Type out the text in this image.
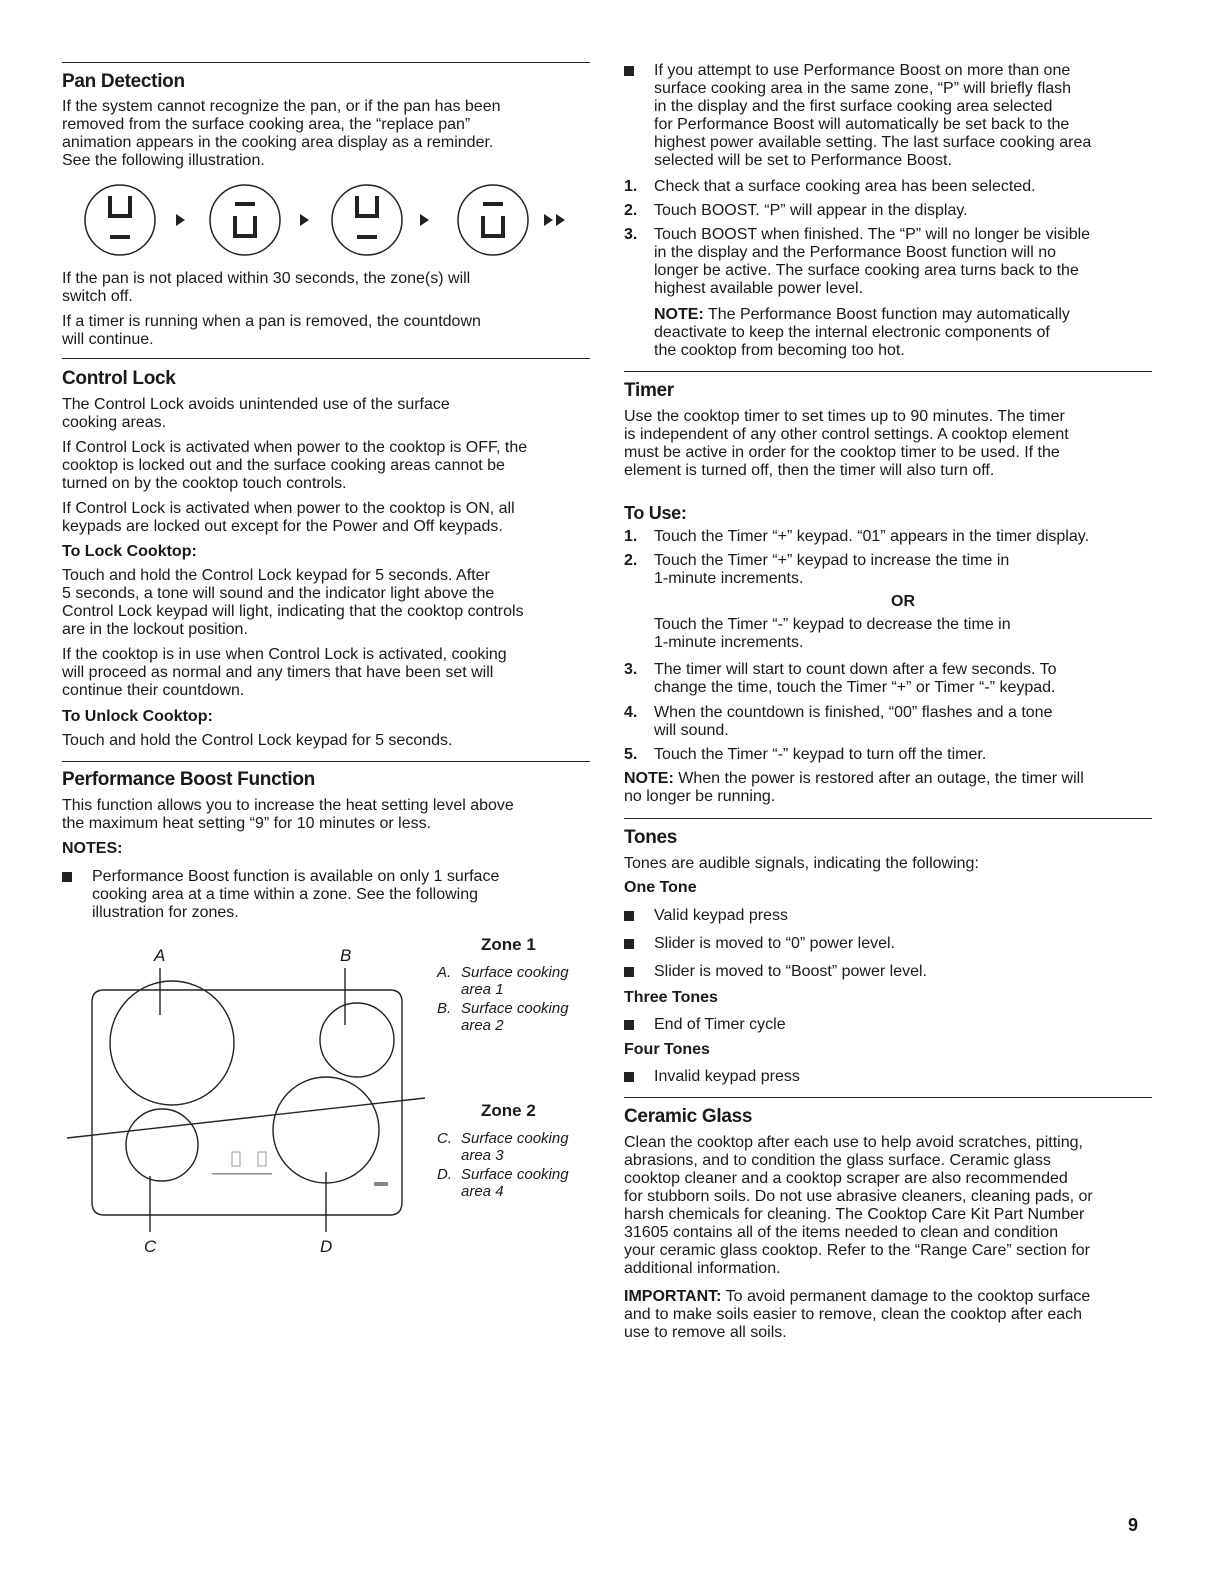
Pan Detection

If the system cannot recognize the pan, or if the pan has been

removed from the surface cooking area, the “replace pan”

animation appears in the cooking area display as a reminder.

See the following illustration.

If the pan is not placed within 30 seconds, the zone(s) will

switch off.

If a timer is running when a pan is removed, the countdown

will continue.

Control Lock

The Control Lock avoids unintended use of the surface

cooking areas.

If Control Lock is activated when power to the cooktop is OFF, the

cooktop is locked out and the surface cooking areas cannot be

turned on by the cooktop touch controls.

If Control Lock is activated when power to the cooktop is ON, all

keypads are locked out except for the Power and Off keypads.

To Lock Cooktop:

Touch and hold the Control Lock keypad for 5 seconds. After

5 seconds, a tone will sound and the indicator light above the

Control Lock keypad will light, indicating that the cooktop controls

are in the lockout position.

If the cooktop is in use when Control Lock is activated, cooking

will proceed as normal and any timers that have been set will

continue their countdown.

To Unlock Cooktop:

Touch and hold the Control Lock keypad for 5 seconds.

Performance Boost Function

This function allows you to increase the heat setting level above

the maximum heat setting “9” for 10 minutes or less.

NOTES:

Performance Boost function is available on only 1 surface

cooking area at a time within a zone. See the following

illustration for zones.

A	B
C	D

Zone 1

A. Surface cooking

area 1

B. Surface cooking

area 2

Zone 2

C. Surface cooking

area 3

D. Surface cooking

area 4

If you attempt to use Performance Boost on more than one

surface cooking area in the same zone, “P” will briefly flash

in the display and the first surface cooking area selected

for Performance Boost will automatically be set back to the

highest power available setting. The last surface cooking area

selected will be set to Performance Boost.

1. Check that a surface cooking area has been selected.

2. Touch BOOST. “P” will appear in the display.

3. Touch BOOST when finished. The “P” will no longer be visible

in the display and the Performance Boost function will no

longer be active. The surface cooking area turns back to the

highest available power level.

NOTE: The Performance Boost function may automatically

deactivate to keep the internal electronic components of

the cooktop from becoming too hot.

Timer

Use the cooktop timer to set times up to 90 minutes. The timer

is independent of any other control settings. A cooktop element

must be active in order for the cooktop timer to be used. If the

element is turned off, then the timer will also turn off.

To Use:
1. Touch the Timer “+” keypad. “01” appears in the timer display.

2. Touch the Timer “+” keypad to increase the time in

1-minute increments.

OR

Touch the Timer “-” keypad to decrease the time in

1-minute increments.

3. The timer will start to count down after a few seconds. To

change the time, touch the Timer “+” or Timer “-” keypad.

4. When the countdown is finished, “00” flashes and a tone

will sound.

5. Touch the Timer “-” keypad to turn off the timer.

NOTE: When the power is restored after an outage, the timer will

no longer be running.

Tones

Tones are audible signals, indicating the following:

One Tone

Valid keypad press

Slider is moved to “0” power level.

Slider is moved to “Boost” power level.

Three Tones

End of Timer cycle

Four Tones

Invalid keypad press

Ceramic Glass

Clean the cooktop after each use to help avoid scratches, pitting,

abrasions, and to condition the glass surface. Ceramic glass

cooktop cleaner and a cooktop scraper are also recommended

for stubborn soils. Do not use abrasive cleaners, cleaning pads, or

harsh chemicals for cleaning. The Cooktop Care Kit Part Number

31605 contains all of the items needed to clean and condition

your ceramic glass cooktop. Refer to the “Range Care” section for

additional information.

IMPORTANT: To avoid permanent damage to the cooktop surface

and to make soils easier to remove, clean the cooktop after each

use to remove all soils.

9
